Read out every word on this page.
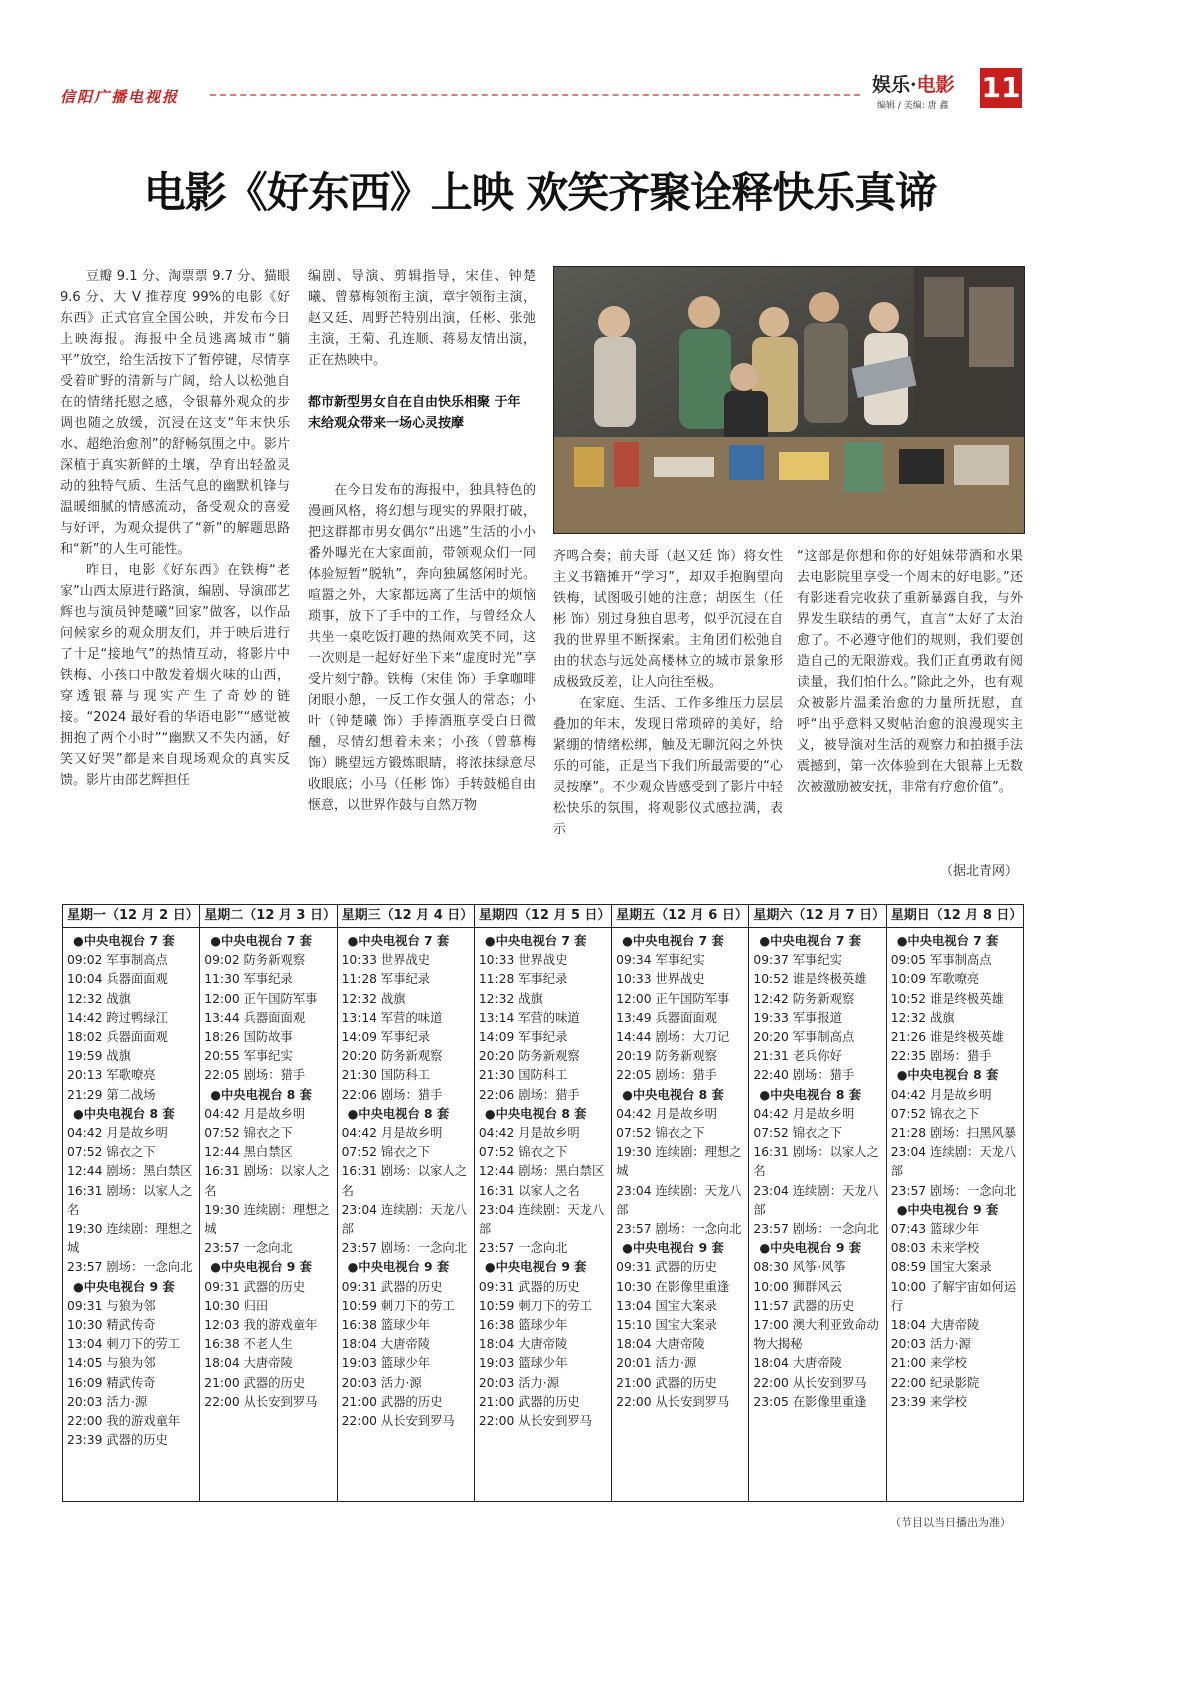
信阳广播电视报
娱乐·电影
编辑 / 美编: 唐 鑫
11
电影《好东西》上映 欢笑齐聚诠释快乐真谛

豆瓣 9.1 分、淘票票 9.7 分、猫眼 9.6 分、大 V 推荐度 99%的电影《好东西》正式官宣全国公映，并发布今日上映海报。海报中全员逃离城市“躺平”放空，给生活按下了暂停键，尽情享受着旷野的清新与广阔，给人以松弛自在的情绪托慰之感，令银幕外观众的步调也随之放缓，沉浸在这支“年末快乐水、超绝治愈剂”的舒畅氛围之中。影片深植于真实新鲜的土壤，孕育出轻盈灵动的独特气质、生活气息的幽默机锋与温暖细腻的情感流动，备受观众的喜爱与好评，为观众提供了“新”的解题思路和“新”的人生可能性。

昨日，电影《好东西》在铁梅“老家”山西太原进行路演，编剧、导演邵艺辉也与演员钟楚曦“回家”做客，以作品问候家乡的观众朋友们，并于映后进行了十足“接地气”的热情互动，将影片中铁梅、小孩口中散发着烟火味的山西，穿透银幕与现实产生了奇妙的链接。“2024 最好看的华语电影”“感觉被拥抱了两个小时”“幽默又不失内涵，好笑又好哭”都是来自现场观众的真实反馈。影片由邵艺辉担任

编剧、导演、剪辑指导，宋佳、钟楚曦、曾慕梅领衔主演，章宇领衔主演，赵又廷、周野芒特别出演，任彬、张弛主演，王菊、孔连顺、蒋易友情出演，正在热映中。

都市新型男女自在自由快乐相聚 于年末给观众带来一场心灵按摩

在今日发布的海报中，独具特色的漫画风格，将幻想与现实的界限打破，把这群都市男女偶尔“出逃”生活的小小番外曝光在大家面前，带领观众们一同体验短暂“脱轨”，奔向独属悠闲时光。喧嚣之外，大家都远离了生活中的烦恼琐事，放下了手中的工作，与曾经众人共坐一桌吃饭打趣的热闹欢笑不同，这一次则是一起好好坐下来“虚度时光”享受片刻宁静。铁梅（宋佳 饰）手拿咖啡闭眼小憩，一反工作女强人的常态；小叶（钟楚曦 饰）手捧酒瓶享受白日微醺，尽情幻想着未来；小孩（曾慕梅 饰）眺望远方锻炼眼睛，将浓抹绿意尽收眼底；小马（任彬 饰）手转鼓槌自由惬意，以世界作鼓与自然万物

齐鸣合奏；前夫哥（赵又廷 饰）将女性主义书籍摊开“学习”，却双手抱胸望向铁梅，试图吸引她的注意；胡医生（任彬 饰）别过身独自思考，似乎沉浸在自我的世界里不断探索。主角团们松弛自由的状态与远处高楼林立的城市景象形成极致反差，让人向往至极。

在家庭、生活、工作多维压力层层叠加的年末，发现日常琐碎的美好，给紧绷的情绪松绑，触及无聊沉闷之外快乐的可能，正是当下我们所最需要的“心灵按摩”。不少观众皆感受到了影片中轻松快乐的氛围，将观影仪式感拉满，表示

“这部是你想和你的好姐妹带酒和水果去电影院里享受一个周末的好电影。”还有影迷看完收获了重新暴露自我，与外界发生联结的勇气，直言“太好了太治愈了。不必遵守他们的规则，我们要创造自己的无限游戏。我们正直勇敢有阅读量，我们怕什么。”除此之外，也有观众被影片温柔治愈的力量所抚慰，直呼“出乎意料又熨帖治愈的浪漫现实主义，被导演对生活的观察力和拍摄手法震撼到，第一次体验到在大银幕上无数次被激励被安抚，非常有疗愈价值”。

（据北青网）
星期一（12 月 2 日）
●中央电视台 7 套
09:02 军事制高点
10:04 兵器面面观
12:32 战旗
14:42 跨过鸭绿江
18:02 兵器面面观
19:59 战旗
20:13 军歌嘹亮
21:29 第二战场
●中央电视台 8 套
04:42 月是故乡明
07:52 锦衣之下
12:44 剧场：黑白禁区
16:31 剧场：以家人之名
19:30 连续剧：理想之城
23:57 剧场：一念向北
●中央电视台 9 套
09:31 与狼为邻
10:30 精武传奇
13:04 刺刀下的劳工
14:05 与狼为邻
16:09 精武传奇
20:03 活力·源
22:00 我的游戏童年
23:39 武器的历史
星期二（12 月 3 日）
●中央电视台 7 套
09:02 防务新观察
11:30 军事纪录
12:00 正午国防军事
13:44 兵器面面观
18:26 国防故事
20:55 军事纪实
22:05 剧场：猎手
●中央电视台 8 套
04:42 月是故乡明
07:52 锦衣之下
12:44 黑白禁区
16:31 剧场：以家人之名
19:30 连续剧：理想之城
23:57 一念向北
●中央电视台 9 套
09:31 武器的历史
10:30 归田
12:03 我的游戏童年
16:38 不老人生
18:04 大唐帝陵
21:00 武器的历史
22:00 从长安到罗马
星期三（12 月 4 日）
●中央电视台 7 套
10:33 世界战史
11:28 军事纪录
12:32 战旗
13:14 军营的味道
14:09 军事纪录
20:20 防务新观察
21:30 国防科工
22:06 剧场：猎手
●中央电视台 8 套
04:42 月是故乡明
07:52 锦衣之下
16:31 剧场：以家人之名
23:04 连续剧：天龙八部
23:57 剧场：一念向北
●中央电视台 9 套
09:31 武器的历史
10:59 刺刀下的劳工
16:38 篮球少年
18:04 大唐帝陵
19:03 篮球少年
20:03 活力·源
21:00 武器的历史
22:00 从长安到罗马
星期四（12 月 5 日）
●中央电视台 7 套
10:33 世界战史
11:28 军事纪录
12:32 战旗
13:14 军营的味道
14:09 军事纪录
20:20 防务新观察
21:30 国防科工
22:06 剧场：猎手
●中央电视台 8 套
04:42 月是故乡明
07:52 锦衣之下
12:44 剧场：黑白禁区
16:31 以家人之名
23:04 连续剧：天龙八部
23:57 一念向北
●中央电视台 9 套
09:31 武器的历史
10:59 刺刀下的劳工
16:38 篮球少年
18:04 大唐帝陵
19:03 篮球少年
20:03 活力·源
21:00 武器的历史
22:00 从长安到罗马
星期五（12 月 6 日）
●中央电视台 7 套
09:34 军事纪实
10:33 世界战史
12:00 正午国防军事
13:49 兵器面面观
14:44 剧场：大刀记
20:19 防务新观察
22:05 剧场：猎手
●中央电视台 8 套
04:42 月是故乡明
07:52 锦衣之下
19:30 连续剧：理想之城
23:04 连续剧：天龙八部
23:57 剧场：一念向北
●中央电视台 9 套
09:31 武器的历史
10:30 在影像里重逢
13:04 国宝大案录
15:10 国宝大案录
18:04 大唐帝陵
20:01 活力·源
21:00 武器的历史
22:00 从长安到罗马
星期六（12 月 7 日）
●中央电视台 7 套
09:37 军事纪实
10:52 谁是终极英雄
12:42 防务新观察
19:33 军事报道
20:20 军事制高点
21:31 老兵你好
22:40 剧场：猎手
●中央电视台 8 套
04:42 月是故乡明
07:52 锦衣之下
16:31 剧场：以家人之名
23:04 连续剧：天龙八部
23:57 剧场：一念向北
●中央电视台 9 套
08:30 风筝·风筝
10:00 狮群风云
11:57 武器的历史
17:00 澳大利亚致命动物大揭秘
18:04 大唐帝陵
22:00 从长安到罗马
23:05 在影像里重逢
星期日（12 月 8 日）
●中央电视台 7 套
09:05 军事制高点
10:09 军歌嘹亮
10:52 谁是终极英雄
12:32 战旗
21:26 谁是终极英雄
22:35 剧场：猎手
●中央电视台 8 套
04:42 月是故乡明
07:52 锦衣之下
21:28 剧场：扫黑风暴
23:04 连续剧：天龙八部
23:57 剧场：一念向北
●中央电视台 9 套
07:43 篮球少年
08:03 未来学校
08:59 国宝大案录
10:00 了解宇宙如何运行
18:04 大唐帝陵
20:03 活力·源
21:00 来学校
22:00 纪录影院
23:39 来学校
（节目以当日播出为准）
